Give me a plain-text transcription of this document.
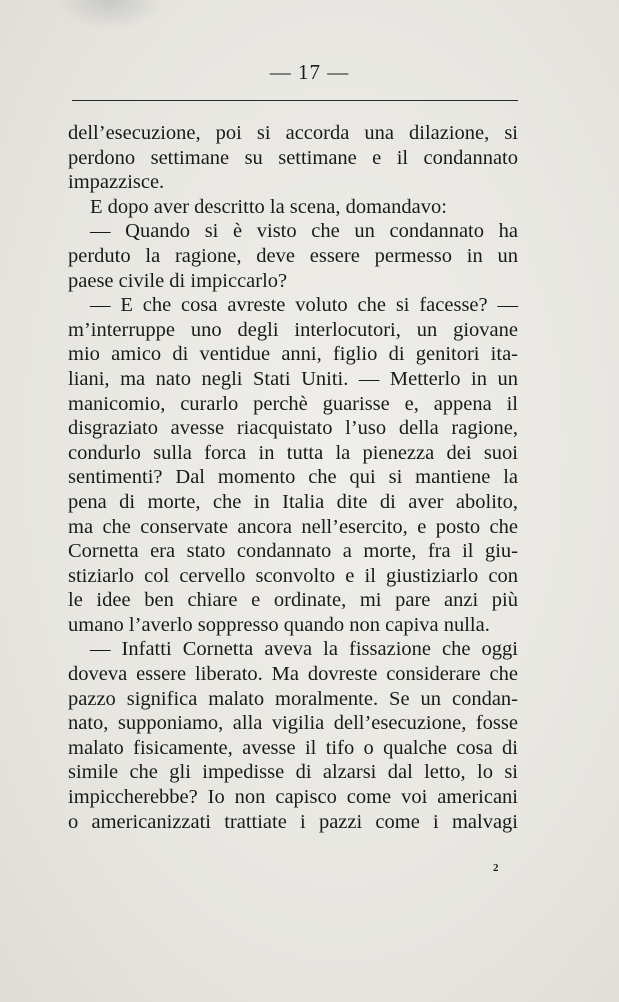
— 17 —
dell’esecuzione, poi si accorda una dilazione, si
perdono settimane su settimane e il condannato
impazzisce.
E dopo aver descritto la scena, domandavo:
— Quando si è visto che un condannato ha
perduto la ragione, deve essere permesso in un
paese civile di impiccarlo?
— E che cosa avreste voluto che si facesse? —
m’interruppe uno degli interlocutori, un giovane
mio amico di ventidue anni, figlio di genitori ita-
liani, ma nato negli Stati Uniti. — Metterlo in un
manicomio, curarlo perchè guarisse e, appena il
disgraziato avesse riacquistato l’uso della ragione,
condurlo sulla forca in tutta la pienezza dei suoi
sentimenti? Dal momento che qui si mantiene la
pena di morte, che in Italia dite di aver abolito,
ma che conservate ancora nell’esercito, e posto che
Cornetta era stato condannato a morte, fra il giu-
stiziarlo col cervello sconvolto e il giustiziarlo con
le idee ben chiare e ordinate, mi pare anzi più
umano l’averlo soppresso quando non capiva nulla.
— Infatti Cornetta aveva la fissazione che oggi
doveva essere liberato. Ma dovreste considerare che
pazzo significa malato moralmente. Se un condan-
nato, supponiamo, alla vigilia dell’esecuzione, fosse
malato fisicamente, avesse il tifo o qualche cosa di
simile che gli impedisse di alzarsi dal letto, lo si
impiccherebbe? Io non capisco come voi americani
o americanizzati trattiate i pazzi come i malvagi
2
